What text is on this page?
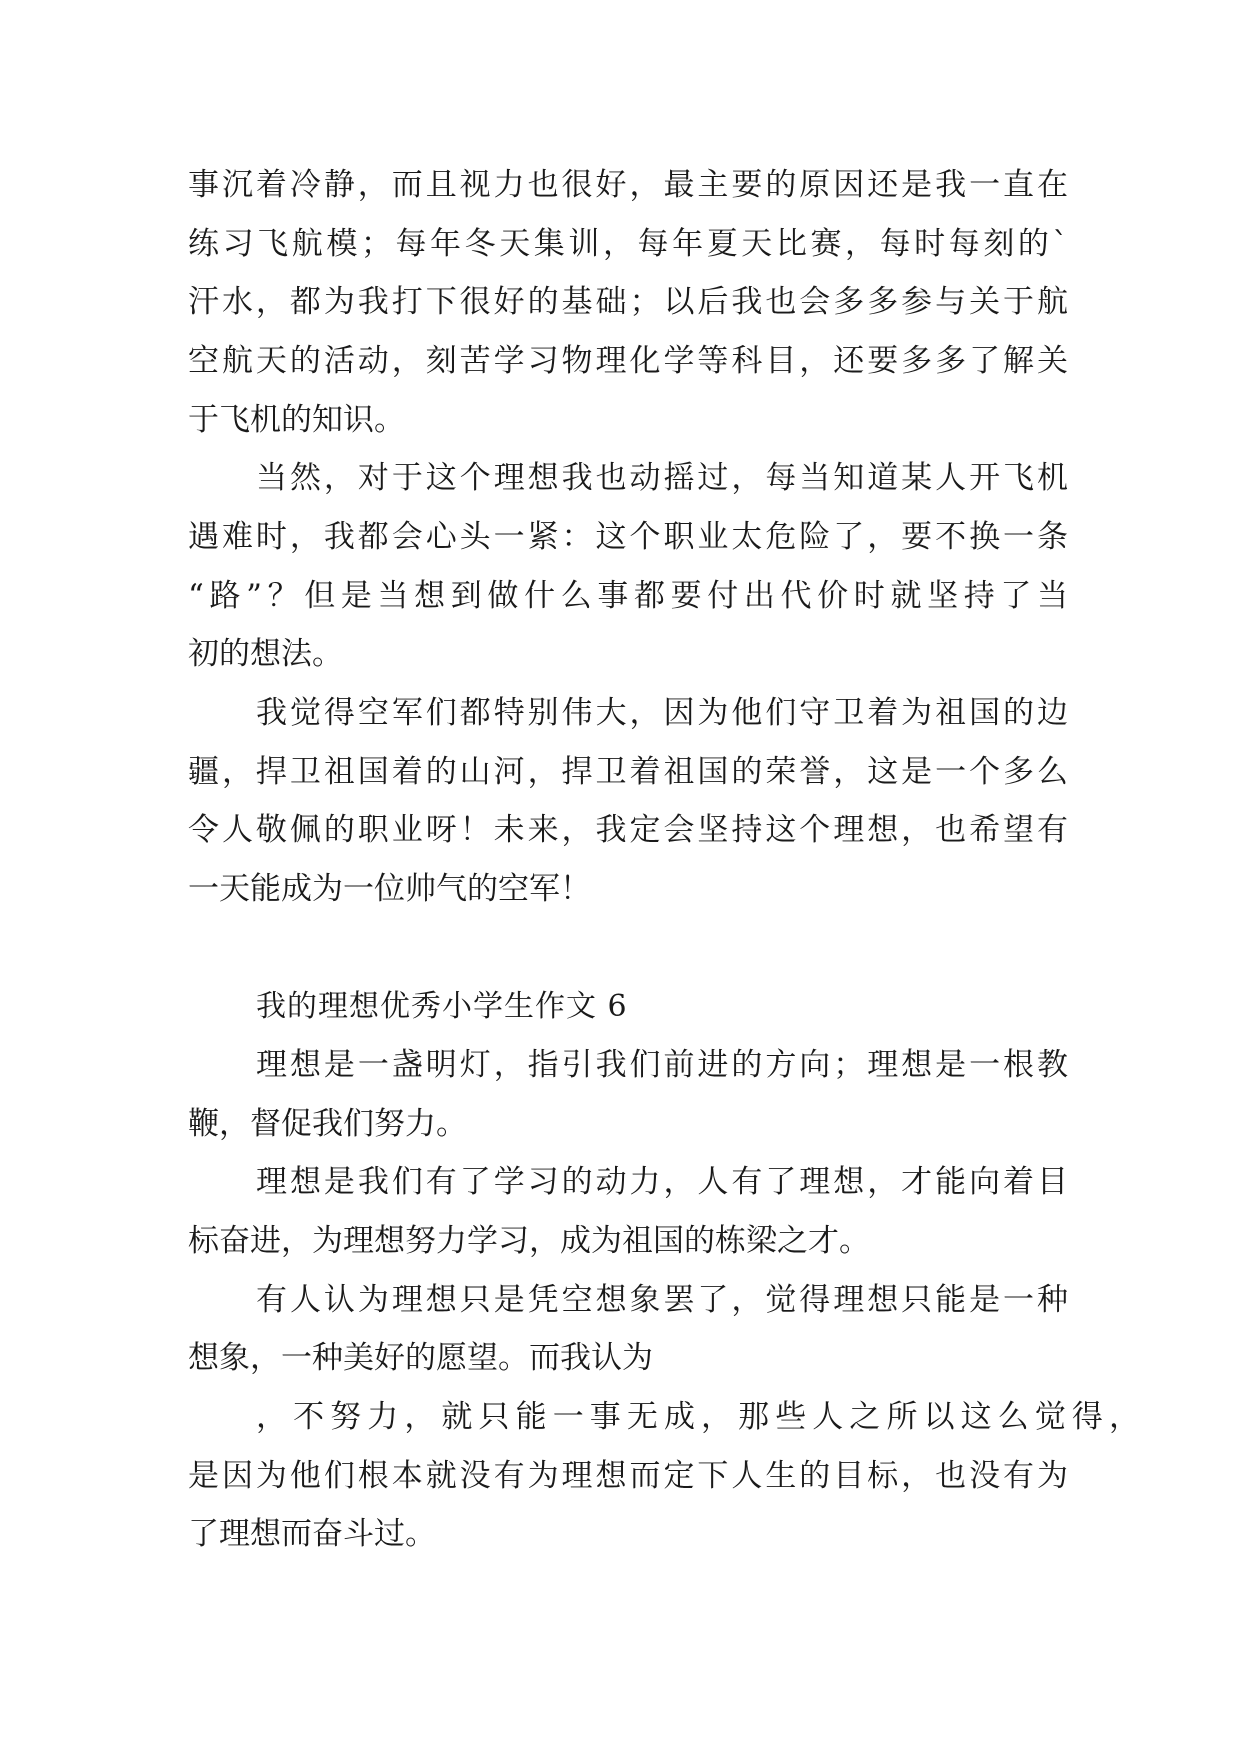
事沉着冷静，而且视力也很好，最主要的原因还是我一直在
练习飞航模；每年冬天集训，每年夏天比赛，每时每刻的`
汗水，都为我打下很好的基础；以后我也会多多参与关于航
空航天的活动，刻苦学习物理化学等科目，还要多多了解关
于飞机的知识。
当然，对于这个理想我也动摇过，每当知道某人开飞机
遇难时，我都会心头一紧：这个职业太危险了，要不换一条
“路”？但是当想到做什么事都要付出代价时就坚持了当
初的想法。
我觉得空军们都特别伟大，因为他们守卫着为祖国的边
疆，捍卫祖国着的山河，捍卫着祖国的荣誉，这是一个多么
令人敬佩的职业呀！未来，我定会坚持这个理想，也希望有
一天能成为一位帅气的空军！
我的理想优秀小学生作文 6
理想是一盏明灯，指引我们前进的方向；理想是一根教
鞭，督促我们努力。
理想是我们有了学习的动力，人有了理想，才能向着目
标奋进，为理想努力学习，成为祖国的栋梁之才。
有人认为理想只是凭空想象罢了，觉得理想只能是一种
想象，一种美好的愿望。而我认为
，不努力，就只能一事无成，那些人之所以这么觉得，
是因为他们根本就没有为理想而定下人生的目标，也没有为
了理想而奋斗过。
